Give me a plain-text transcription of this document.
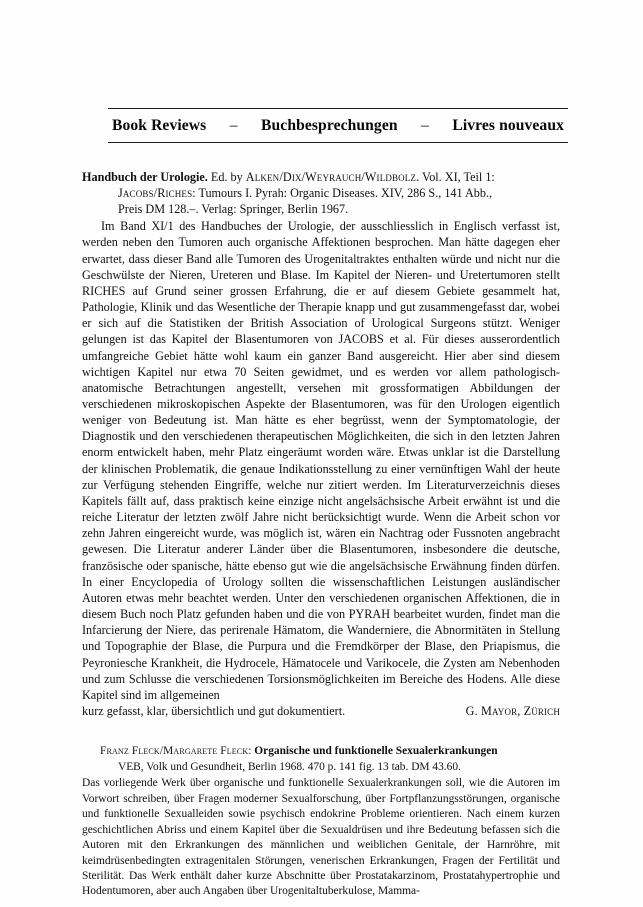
Book Reviews – Buchbesprechungen – Livres nouveaux

Handbuch der Urologie. Ed. by Alken/Dix/Weyrauch/Wildbolz. Vol. XI, Teil 1:
Jacobs/Riches: Tumours I. Pyrah: Organic Diseases. XIV, 286 S., 141 Abb.,
Preis DM 128.–. Verlag: Springer, Berlin 1967.

Im Band XI/1 des Handbuches der Urologie, der ausschliesslich in Englisch verfasst ist, werden neben den Tumoren auch organische Affektionen besprochen. Man hätte dagegen eher erwartet, dass dieser Band alle Tumoren des Urogenitaltraktes enthalten würde und nicht nur die Geschwülste der Nieren, Ureteren und Blase. Im Kapitel der Nieren- und Uretertumoren stellt RICHES auf Grund seiner grossen Erfahrung, die er auf diesem Gebiete gesammelt hat, Pathologie, Klinik und das Wesentliche der Therapie knapp und gut zusammengefasst dar, wobei er sich auf die Statistiken der British Association of Urological Surgeons stützt. Weniger gelungen ist das Kapitel der Blasentumoren von JACOBS et al. Für dieses ausserordentlich umfangreiche Gebiet hätte wohl kaum ein ganzer Band ausgereicht. Hier aber sind diesem wichtigen Kapitel nur etwa 70 Seiten gewidmet, und es werden vor allem pathologisch-anatomische Betrachtungen angestellt, versehen mit grossformatigen Abbildungen der verschiedenen mikroskopischen Aspekte der Blasentumoren, was für den Urologen eigentlich weniger von Bedeutung ist. Man hätte es eher begrüsst, wenn der Symptomatologie, der Diagnostik und den verschiedenen therapeutischen Möglichkeiten, die sich in den letzten Jahren enorm entwickelt haben, mehr Platz eingeräumt worden wäre. Etwas unklar ist die Darstellung der klinischen Problematik, die genaue Indikationsstellung zu einer vernünftigen Wahl der heute zur Verfügung stehenden Eingriffe, welche nur zitiert werden. Im Literaturverzeichnis dieses Kapitels fällt auf, dass praktisch keine einzige nicht angelsächsische Arbeit erwähnt ist und die reiche Literatur der letzten zwölf Jahre nicht berücksichtigt wurde. Wenn die Arbeit schon vor zehn Jahren eingereicht wurde, was möglich ist, wären ein Nachtrag oder Fussnoten angebracht gewesen. Die Literatur anderer Länder über die Blasentumoren, insbesondere die deutsche, französische oder spanische, hätte ebenso gut wie die angelsächsische Erwähnung finden dürfen. In einer Encyclopedia of Urology sollten die wissenschaftlichen Leistungen ausländischer Autoren etwas mehr beachtet werden. Unter den verschiedenen organischen Affektionen, die in diesem Buch noch Platz gefunden haben und die von PYRAH bearbeitet wurden, findet man die Infarcierung der Niere, das perirenale Hämatom, die Wanderniere, die Abnormitäten in Stellung und Topographie der Blase, die Purpura und die Fremdkörper der Blase, den Priapismus, die Peyroniesche Krankheit, die Hydrocele, Hämatocele und Varikocele, die Zysten am Nebenhoden und zum Schlusse die verschiedenen Torsionsmöglichkeiten im Bereiche des Hodens. Alle diese Kapitel sind im allgemeinen

kurz gefasst, klar, übersichtlich und gut dokumentiert.	G. Mayor, Zürich

Franz Fleck/Margarete Fleck: Organische und funktionelle Sexualerkrankungen
VEB, Volk und Gesundheit, Berlin 1968. 470 p. 141 fig. 13 tab. DM 43.60.

Das vorliegende Werk über organische und funktionelle Sexualerkrankungen soll, wie die Autoren im Vorwort schreiben, über Fragen moderner Sexualforschung, über Fortpflanzungsstörungen, organische und funktionelle Sexualleiden sowie psychisch endokrine Probleme orientieren. Nach einem kurzen geschichtlichen Abriss und einem Kapitel über die Sexualdrüsen und ihre Bedeutung befassen sich die Autoren mit den Erkrankungen des männlichen und weiblichen Genitale, der Harnröhre, mit keimdrüsenbedingten extragenitalen Störungen, venerischen Erkrankungen, Fragen der Fertilität und Sterilität. Das Werk enthält daher kurze Abschnitte über Prostatakarzinom, Prostatahypertrophie und Hodentumoren, aber auch Angaben über Urogenitaltuberkulose, Mamma-
